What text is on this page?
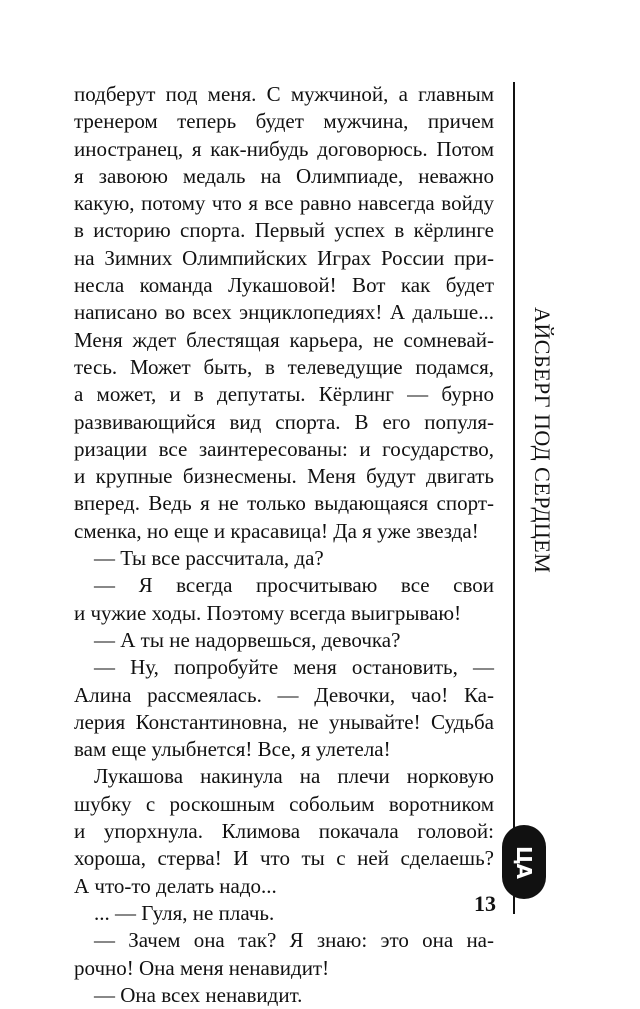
подберут под меня. С мужчиной, а главным
тренером теперь будет мужчина, причем
иностранец, я как-нибудь договорюсь. Потом
я завоюю медаль на Олимпиаде, неважно
какую, потому что я все равно навсегда войду
в историю спорта. Первый успех в кёрлинге
на Зимних Олимпийских Играх России при-
несла команда Лукашовой! Вот как будет
написано во всех энциклопедиях! А дальше...
Меня ждет блестящая карьера, не сомневай-
тесь. Может быть, в телеведущие подамся,
а может, и в депутаты. Кёрлинг — бурно
развивающийся вид спорта. В его популя-
ризации все заинтересованы: и государство,
и крупные бизнесмены. Меня будут двигать
вперед. Ведь я не только выдающаяся спорт-
сменка, но еще и красавица! Да я уже звезда!
— Ты все рассчитала, да?
— Я всегда просчитываю все свои
и чужие ходы. Поэтому всегда выигрываю!
— А ты не надорвешься, девочка?
— Ну, попробуйте меня остановить, —
Алина рассмеялась. — Девочки, чао! Ка-
лерия Константиновна, не унывайте! Судьба
вам еще улыбнется! Все, я улетела!
Лукашова накинула на плечи норковую
шубку с роскошным собольим воротником
и упорхнула. Климова покачала головой:
хороша, стерва! И что ты с ней сделаешь?
А что-то делать надо...
... — Гуля, не плачь.
— Зачем она так? Я знаю: это она на-
рочно! Она меня ненавидит!
— Она всех ненавидит.
АЙСБЕРГ ПОД СЕРДЦЕМ
ЦА
13
